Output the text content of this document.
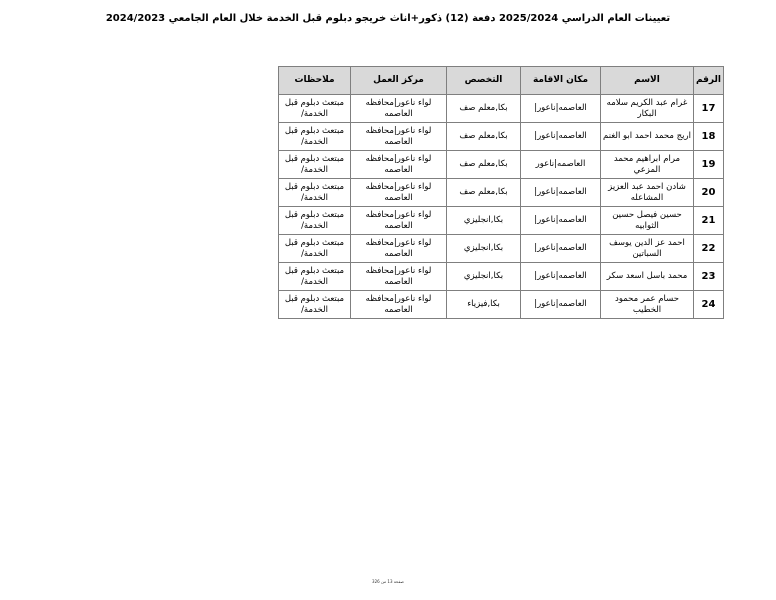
تعيينات العام الدراسي 2025/2024 دفعة (12) ذكور+اناث خريجو دبلوم قبل الخدمة خلال العام الجامعي 2024/2023
الرقم	الاسم	مكان الاقامة	التخصص	مركز العمل	ملاحظات
17	غرام عبد الكريم سلامه البكار	العاصمه|ناعور|	بكا,معلم صف	لواء ناعور|محافظه العاصمه	مبتعث دبلوم قبل الخدمة/
18	اريج محمد احمد ابو الغنم	العاصمه|ناعور|	بكا,معلم صف	لواء ناعور|محافظه العاصمه	مبتعث دبلوم قبل الخدمة/
19	مرام ابراهيم محمد المزعي	العاصمه|ناعور	بكا,معلم صف	لواء ناعور|محافظه العاصمه	مبتعث دبلوم قبل الخدمة/
20	شادن احمد عبد العزيز المشاعله	العاصمه|ناعور|	بكا,معلم صف	لواء ناعور|محافظه العاصمه	مبتعث دبلوم قبل الخدمة/
21	حسين فيصل حسين الثوابيه	العاصمه|ناعور|	بكا,انجليزي	لواء ناعور|محافظه العاصمه	مبتعث دبلوم قبل الخدمة/
22	احمد عز الدين يوسف السباتين	العاصمه|ناعور|	بكا,انجليزي	لواء ناعور|محافظه العاصمه	مبتعث دبلوم قبل الخدمة/
23	محمد باسل اسعد سكر	العاصمه|ناعور|	بكا,انجليزي	لواء ناعور|محافظه العاصمه	مبتعث دبلوم قبل الخدمة/
24	حسام عمر محمود الخطيب	العاصمه|ناعور|	بكا,فيزياء	لواء ناعور|محافظه العاصمه	مبتعث دبلوم قبل الخدمة/
صفحة 13 من 326
